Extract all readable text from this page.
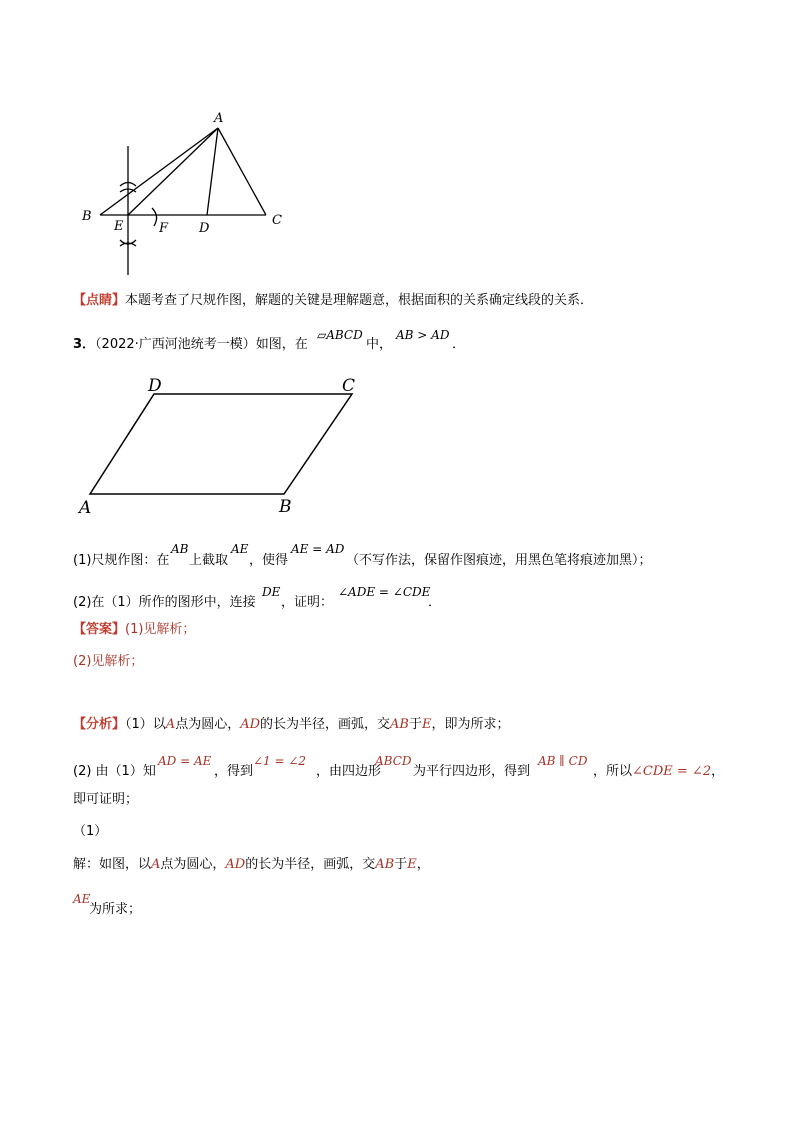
A
B	C
D
E	F
【点睛】本题考查了尺规作图，解题的关键是理解题意，根据面积的关系确定线段的关系．
3．（2022·广西河池统考一模）如图，在
▱ABCD
中，
AB > AD
．
A	B
C
D
(1)尺规作图：在
AB
上截取
AE
，使得
AE = AD
（不写作法，保留作图痕迹，用黑色笔将痕迹加黑）；
(2)在（1）所作的图形中，连接
DE
，证明：
∠ADE = ∠CDE
．
【答案】(1)见解析；
(2)见解析；
【分析】（1）以A点为圆心，AD的长为半径，画弧，交AB于E，即为所求；
(2) 由（1）知
AD = AE
，得到
∠1 = ∠2
，由四边形
ABCD
为平行四边形，得到
AB ∥ CD
，所以∠CDE = ∠2，
即可证明；
（1）
解：如图，以A点为圆心，AD的长为半径，画弧，交AB于E，
AE
为所求；
